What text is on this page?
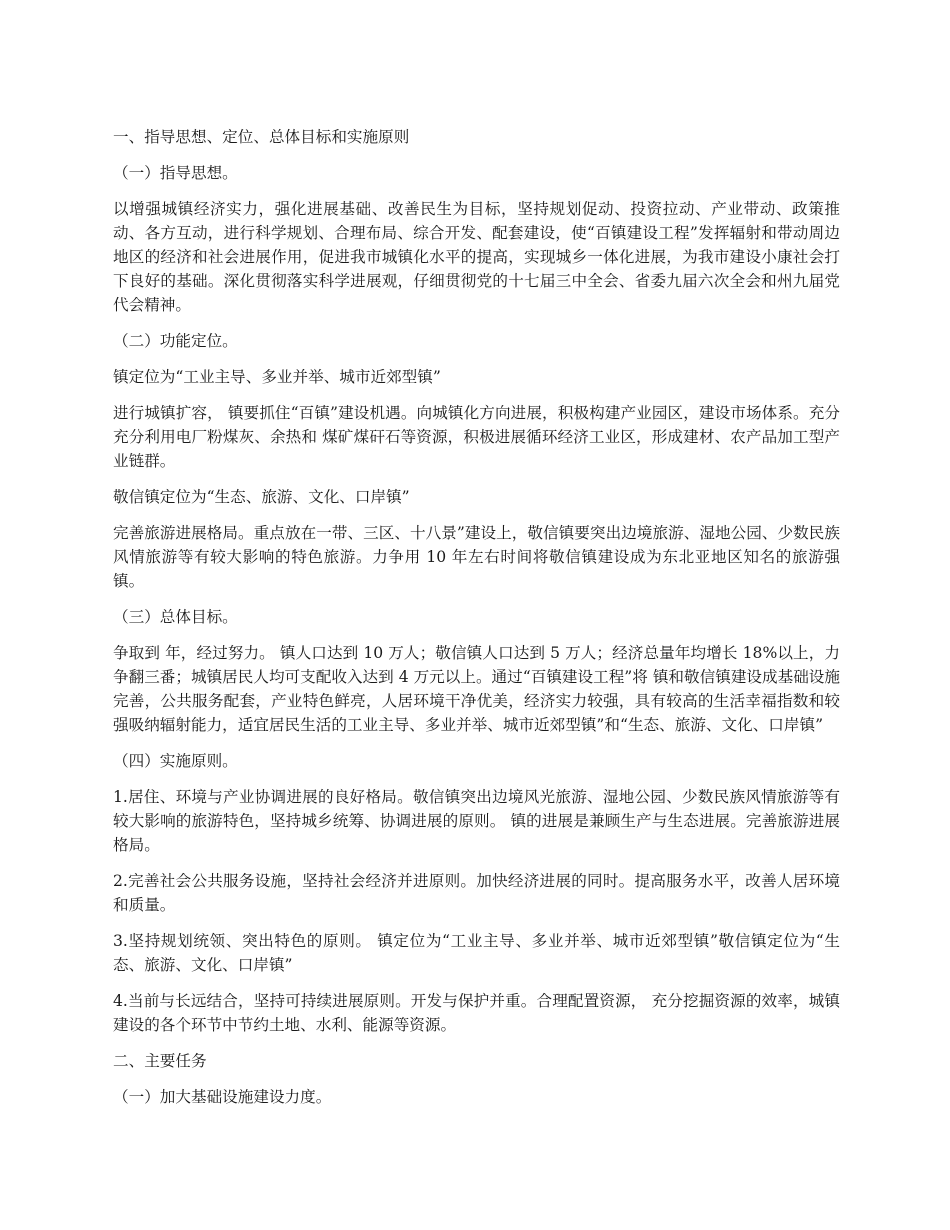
一、指导思想、定位、总体目标和实施原则

（一）指导思想。

以增强城镇经济实力，强化进展基础、改善民生为目标，坚持规划促动、投资拉动、产业带动、政策推动、各方互动，进行科学规划、合理布局、综合开发、配套建设，使“百镇建设工程”发挥辐射和带动周边地区的经济和社会进展作用，促进我市城镇化水平的提高，实现城乡一体化进展，为我市建设小康社会打下良好的基础。深化贯彻落实科学进展观，仔细贯彻党的十七届三中全会、省委九届六次全会和州九届党代会精神。

（二）功能定位。

镇定位为“工业主导、多业并举、城市近郊型镇”

进行城镇扩容， 镇要抓住“百镇”建设机遇。向城镇化方向进展，积极构建产业园区，建设市场体系。充分充分利用电厂粉煤灰、余热和 煤矿煤矸石等资源，积极进展循环经济工业区，形成建材、农产品加工型产业链群。

敬信镇定位为“生态、旅游、文化、口岸镇”

完善旅游进展格局。重点放在一带、三区、十八景”建设上，敬信镇要突出边境旅游、湿地公园、少数民族风情旅游等有较大影响的特色旅游。力争用 10 年左右时间将敬信镇建设成为东北亚地区知名的旅游强镇。

（三）总体目标。

争取到 年，经过努力。 镇人口达到 10 万人；敬信镇人口达到 5 万人；经济总量年均增长 18%以上，力争翻三番；城镇居民人均可支配收入达到 4 万元以上。通过“百镇建设工程”将 镇和敬信镇建设成基础设施完善，公共服务配套，产业特色鲜亮，人居环境干净优美，经济实力较强，具有较高的生活幸福指数和较强吸纳辐射能力，适宜居民生活的工业主导、多业并举、城市近郊型镇”和“生态、旅游、文化、口岸镇”

（四）实施原则。

1.居住、环境与产业协调进展的良好格局。敬信镇突出边境风光旅游、湿地公园、少数民族风情旅游等有较大影响的旅游特色，坚持城乡统筹、协调进展的原则。 镇的进展是兼顾生产与生态进展。完善旅游进展格局。

2.完善社会公共服务设施，坚持社会经济并进原则。加快经济进展的同时。提高服务水平，改善人居环境和质量。

3.坚持规划统领、突出特色的原则。 镇定位为“工业主导、多业并举、城市近郊型镇”敬信镇定位为“生态、旅游、文化、口岸镇”

4.当前与长远结合，坚持可持续进展原则。开发与保护并重。合理配置资源， 充分挖掘资源的效率，城镇建设的各个环节中节约土地、水利、能源等资源。

二、主要任务

（一）加大基础设施建设力度。
